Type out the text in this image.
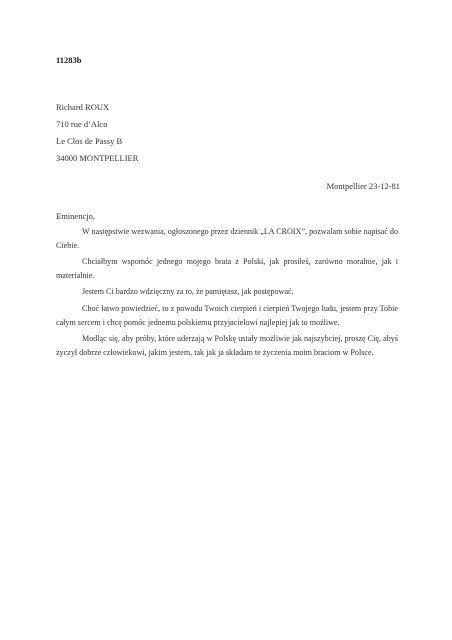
11283b
Richard ROUX
710 rue d’Alco
Le Clos de Passy B
34000 MONTPELLIER
Montpellier 23-12-81
Eminencjo,

W następstwie wezwania, ogłoszonego przez dziennik „LA CROIX”, pozwalam sobie napisać do Ciebie.

Chciałbym wspomóc jednego mojego brata z Polski, jak prosiłeś, zarówno moralnie, jak i materialnie.

Jestem Ci bardzo wdzięczny za to, że pamiętasz, jak postępować.

Choć łatwo powiedzieć, to z powodu Twoich cierpień i cierpień Twojego ludu, jestem przy Tobie całym sercem i chcę pomóc jednemu polskiemu przyjacielowi najlepiej jak to możliwe.

Modląc się, aby próby, które uderzają w Polskę ustały możliwie jak najszybciej, proszę Cię, abyś życzył dobrze człowiekowi, jakim jestem, tak jak ja składam te życzenia moim braciom w Polsce.
